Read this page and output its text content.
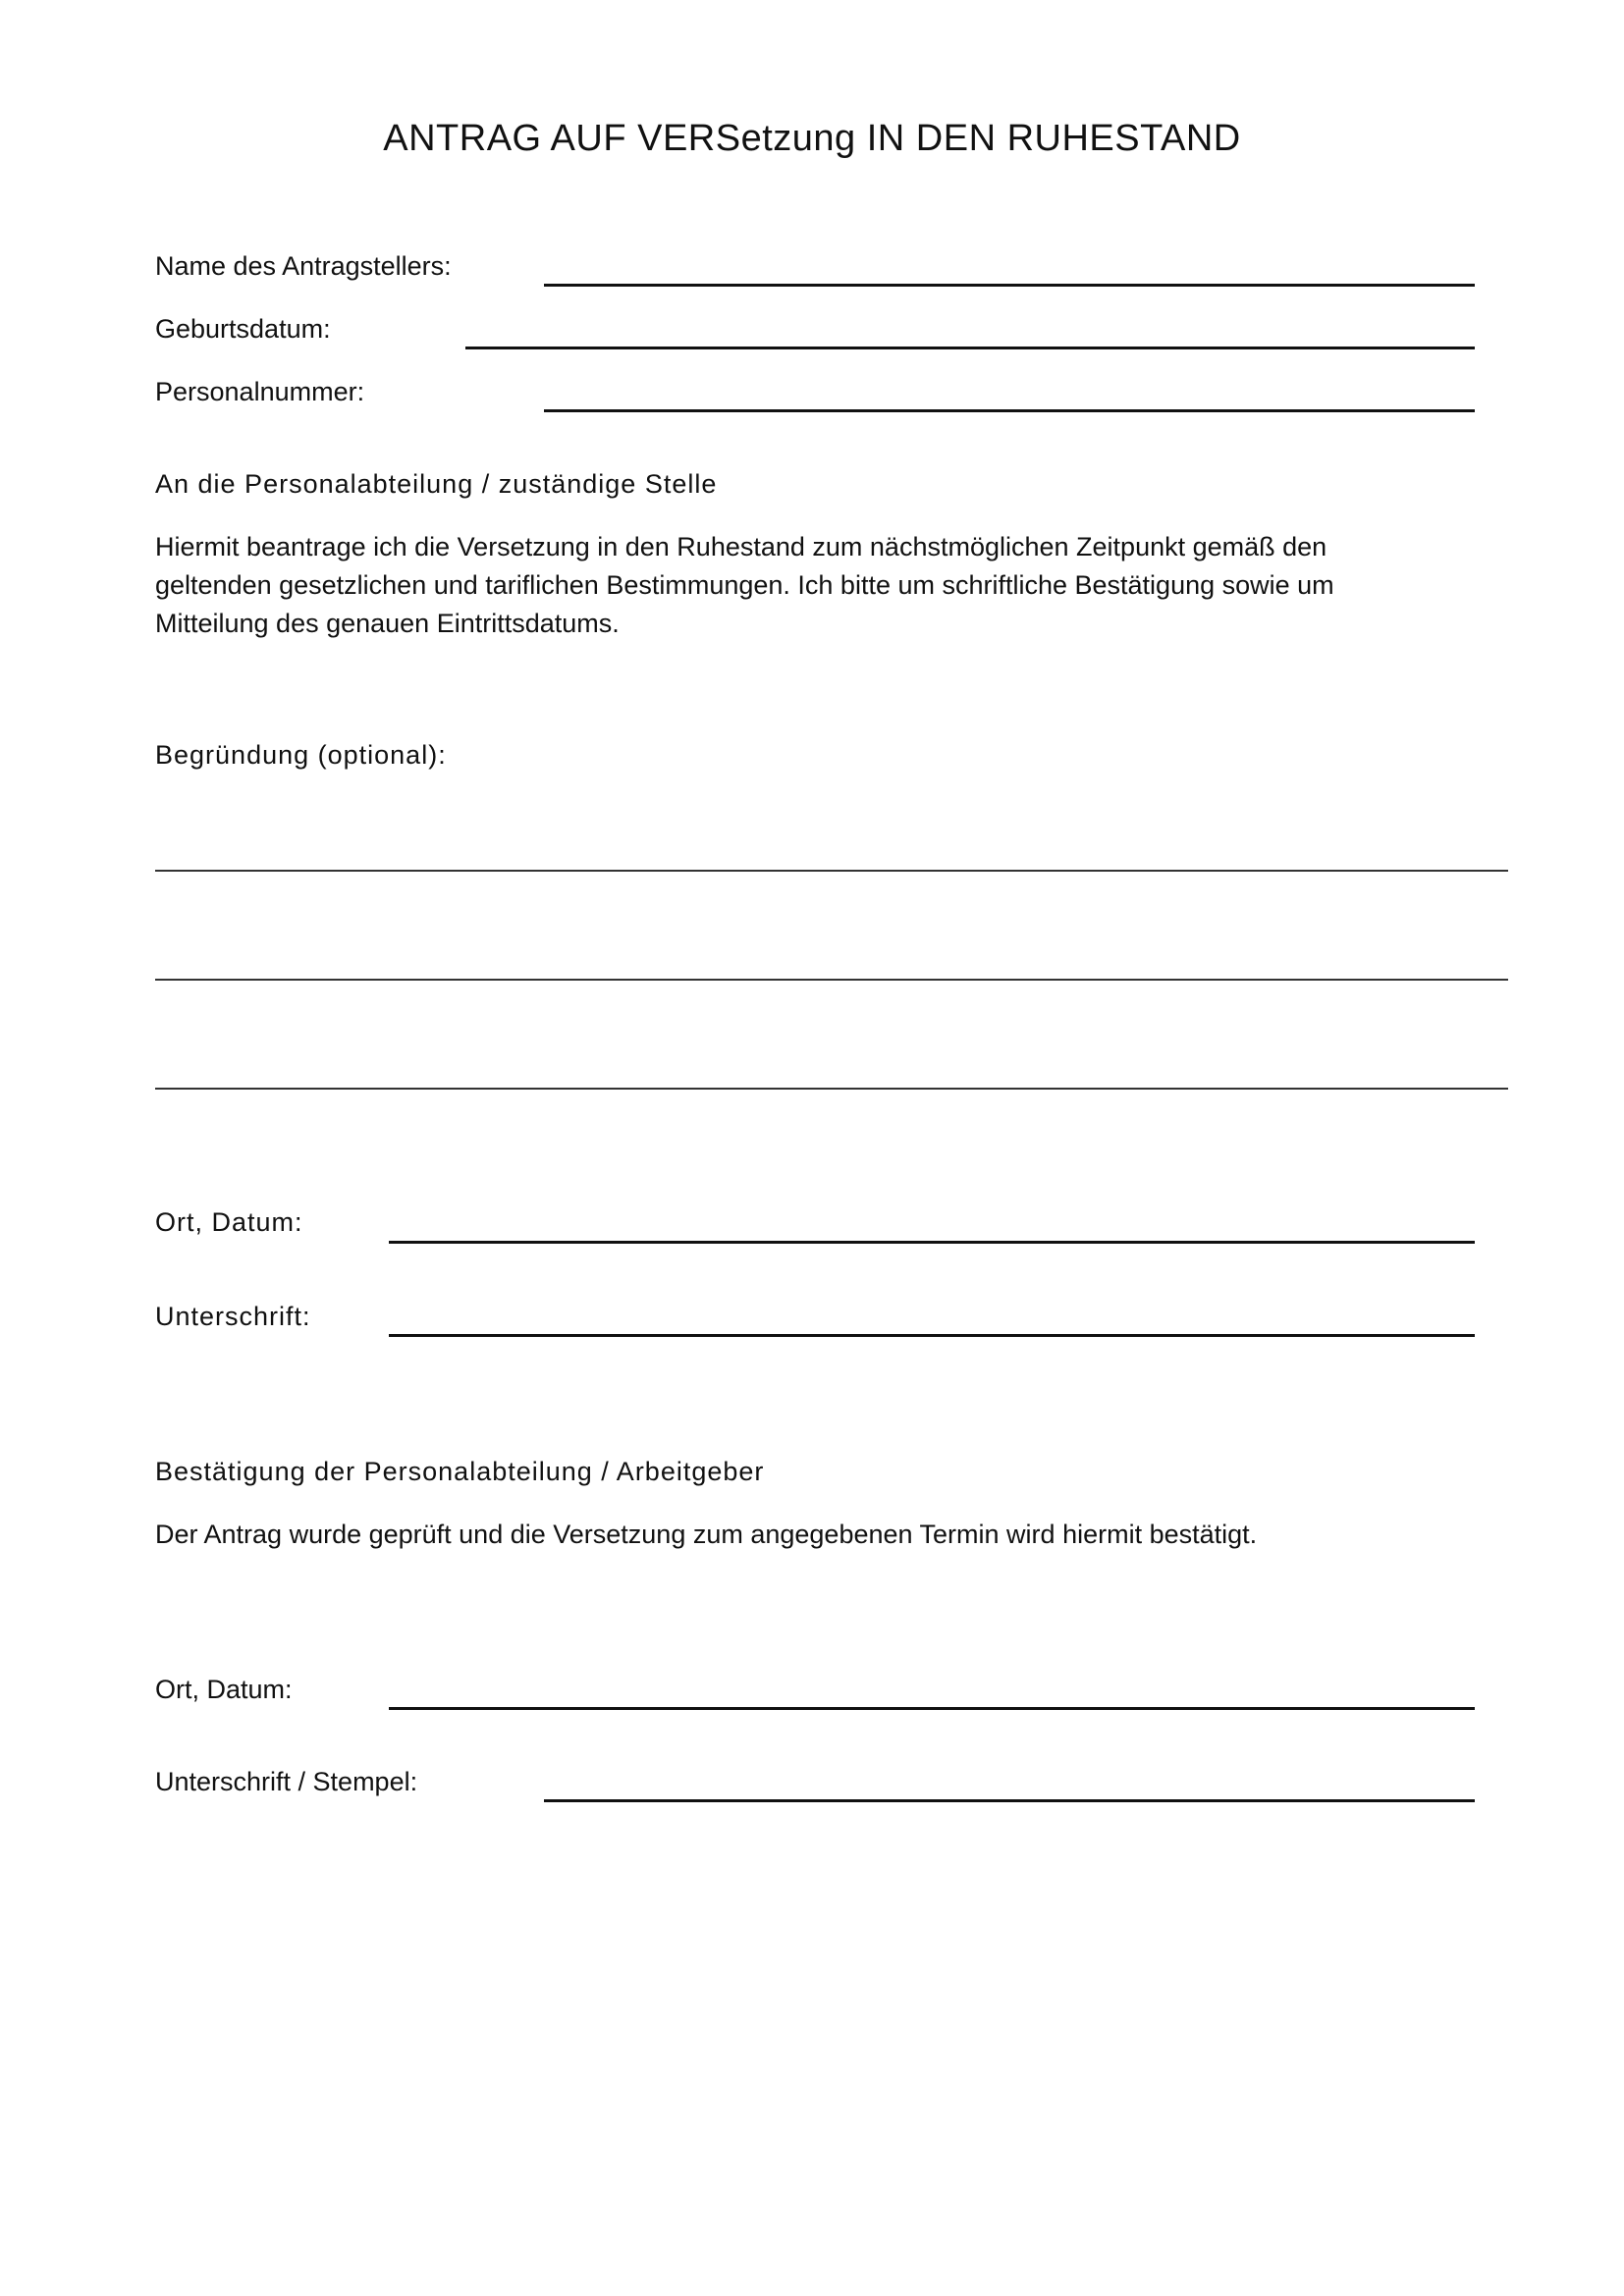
ANTRAG AUF VERSetzung IN DEN RUHESTAND
Name des Antragstellers:
Geburtsdatum:
Personalnummer:
An die Personalabteilung / zuständige Stelle
Hiermit beantrage ich die Versetzung in den Ruhestand zum nächstmöglichen Zeitpunkt gemäß den geltenden gesetzlichen und tariflichen Bestimmungen. Ich bitte um schriftliche Bestätigung sowie um Mitteilung des genauen Eintrittsdatums.
Begründung (optional):
Ort, Datum:
Unterschrift:
Bestätigung der Personalabteilung / Arbeitgeber
Der Antrag wurde geprüft und die Versetzung zum angegebenen Termin wird hiermit bestätigt.
Ort, Datum:
Unterschrift / Stempel:
